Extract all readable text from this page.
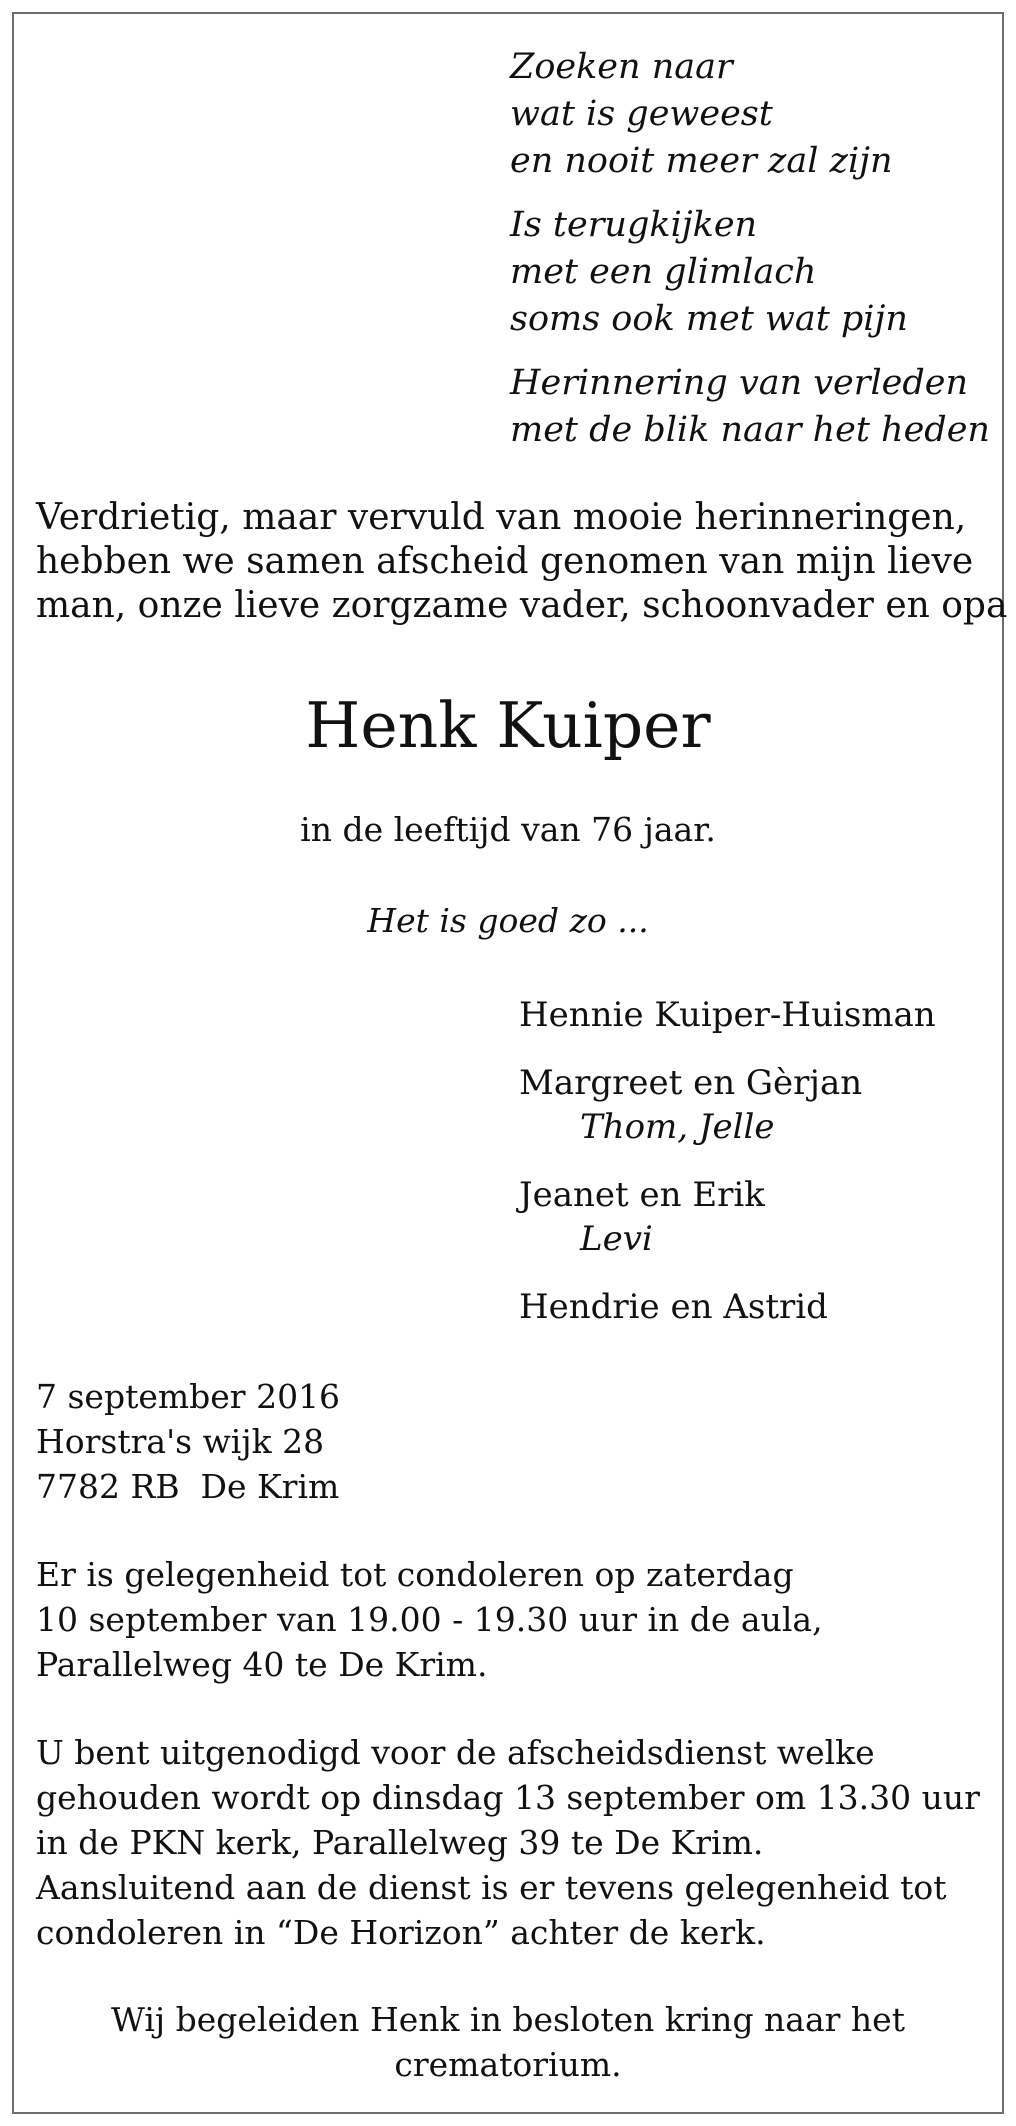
Zoeken naar
wat is geweest
en nooit meer zal zijn
Is terugkijken
met een glimlach
soms ook met wat pijn
Herinnering van verleden
met de blik naar het heden
Verdrietig, maar vervuld van mooie herinneringen,
hebben we samen afscheid genomen van mijn lieve
man, onze lieve zorgzame vader, schoonvader en opa
Henk Kuiper
in de leeftijd van 76 jaar.
Het is goed zo ...
Hennie Kuiper-Huisman
Margreet en Gèrjan
Thom, Jelle
Jeanet en Erik
Levi
Hendrie en Astrid
7 september 2016
Horstra's wijk 28
7782 RB  De Krim
Er is gelegenheid tot condoleren op zaterdag
10 september van 19.00 - 19.30 uur in de aula,
Parallelweg 40 te De Krim.
U bent uitgenodigd voor de afscheidsdienst welke
gehouden wordt op dinsdag 13 september om 13.30 uur
in de PKN kerk, Parallelweg 39 te De Krim.
Aansluitend aan de dienst is er tevens gelegenheid tot
condoleren in “De Horizon” achter de kerk.
Wij begeleiden Henk in besloten kring naar het
crematorium.
